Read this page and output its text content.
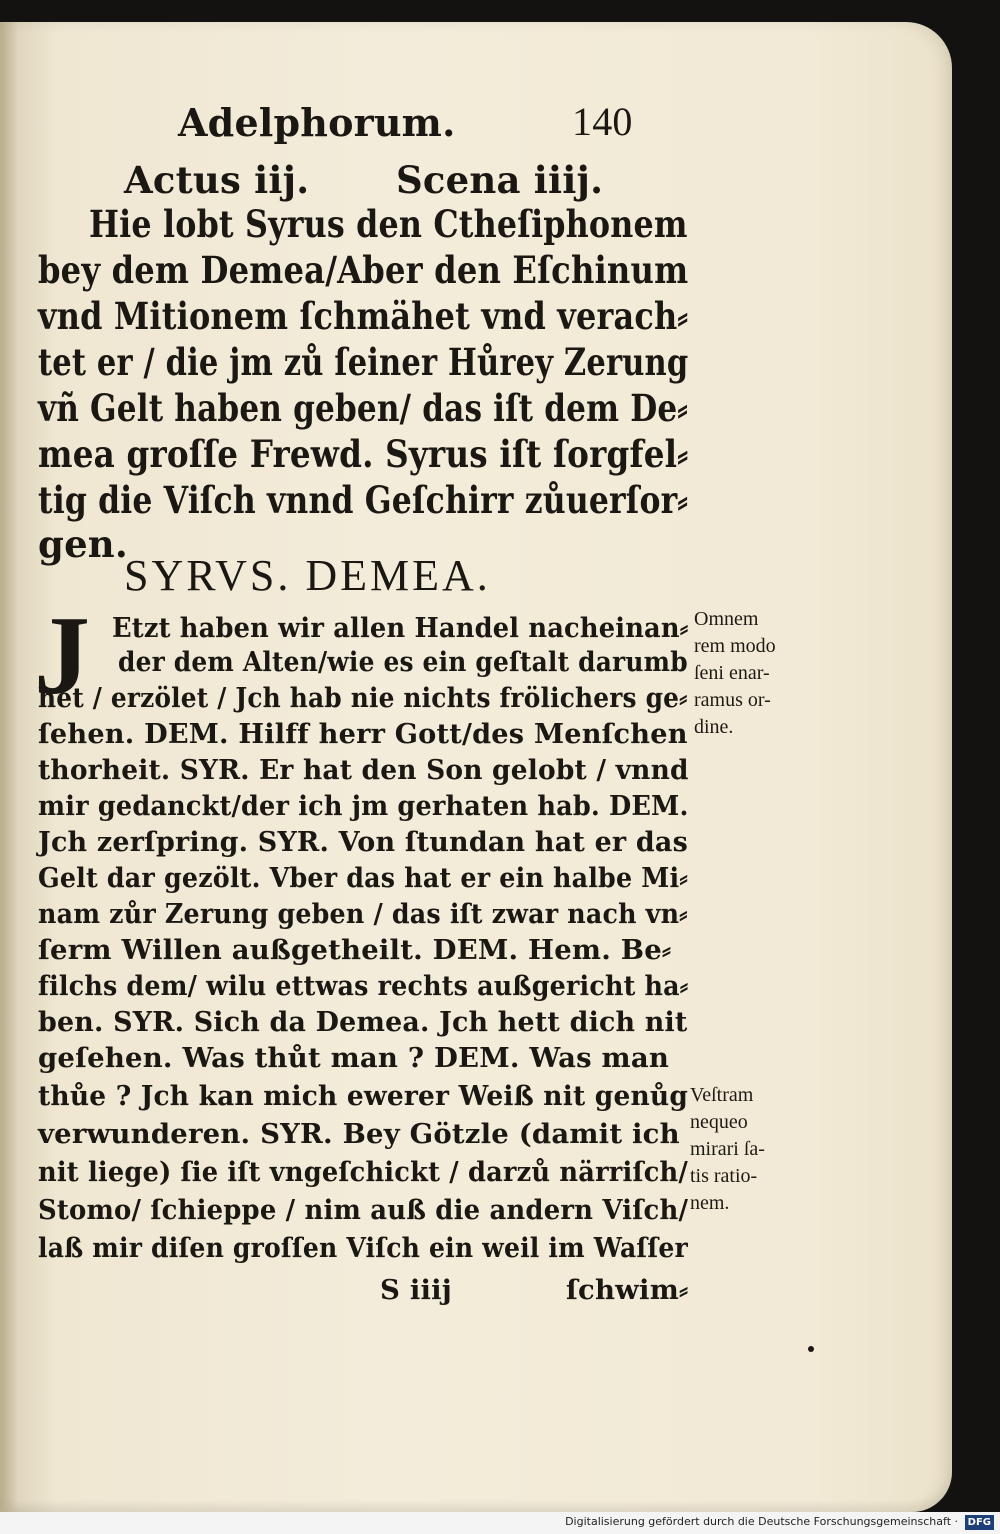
Adelphorum.	140
Actus iij. Scena iiij.
Hie lobt Syrus den Ctheſiphonem
bey dem Demea/Aber den Eſchinum
vnd Mitionem ſchmähet vnd verach⸗
tet er / die jm zů ſeiner Hůrey Zerung
vñ Gelt haben geben/ das iſt dem De⸗
mea groſſe Frewd. Syrus iſt ſorgfel⸗
tig die Viſch vnnd Geſchirr zůuerſor⸗
gen.
SYRVS. DEMEA.
J Etzt haben wir allen Handel nacheinan⸗
der dem Alten/wie es ein geſtalt darumb
het / erzölet / Jch hab nie nichts frölichers ge⸗
ſehen. DEM. Hilff herr Gott/des Menſchen
thorheit. SYR. Er hat den Son gelobt / vnnd
mir gedanckt/der ich jm gerhaten hab. DEM.
Jch zerſpring. SYR. Von ſtundan hat er das
Gelt dar gezölt. Vber das hat er ein halbe Mi⸗
nam zůr Zerung geben / das iſt zwar nach vn⸗
ſerm Willen außgetheilt. DEM. Hem. Be⸗
filchs dem/ wilu ettwas rechts außgericht ha⸗
ben. SYR. Sich da Demea. Jch hett dich nit
geſehen. Was thůt man ? DEM. Was man
thůe ? Jch kan mich ewerer Weiß nit genůg
verwunderen. SYR. Bey Götzle (damit ich
nit liege) ſie iſt vngeſchickt / darzů närriſch/
Stomo/ ſchieppe / nim auß die andern Viſch/
laß mir diſen groſſen Viſch ein weil im Waſſer
S iiij	ſchwim⸗
Omnem
rem modo
ſeni enar-
ramus or-
dine.
Veſtram
nequeo
mirari ſa-
tis ratio-
nem.
Digitalisierung gefördert durch die Deutsche Forschungsgemeinschaft · DFG
